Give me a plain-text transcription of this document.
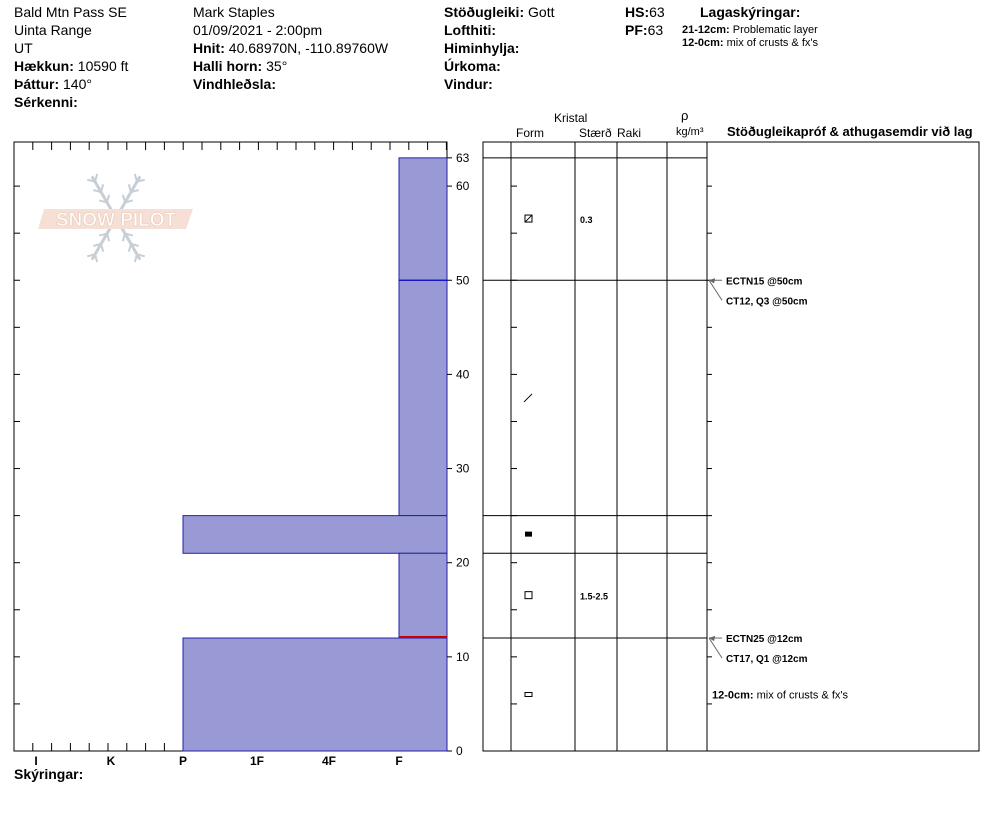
Bald Mtn Pass SE
Uinta Range
UT
Hækkun: 10590 ft
Þáttur: 140°
Sérkenni:
Mark Staples
01/09/2021 - 2:00pm
Hnit: 40.68970N, -110.89760W
Halli horn: 35°
Vindhleðsla:
Stöðugleiki: Gott
Lofthiti:
Himinhylja:
Úrkoma:
Vindur:
HS:63
PF:63
Lagaskýringar:
21-12cm: Problematic layer
12-0cm: mix of crusts & fx's
Kristal
Form	Stærð Raki
ρ
kg/m³ Stöðugleikapróf & athugasemdir við lag
Skýringar:
0
10
20
30
40
50
60
63
I	K	P	1F	4F	F
0.3
1.5-2.5
ECTN25 @12cm
CT17, Q1 @12cm
ECTN15 @50cm
CT12, Q3 @50cm
12-0cm: mix of crusts & fx's
SNOW PILOT
